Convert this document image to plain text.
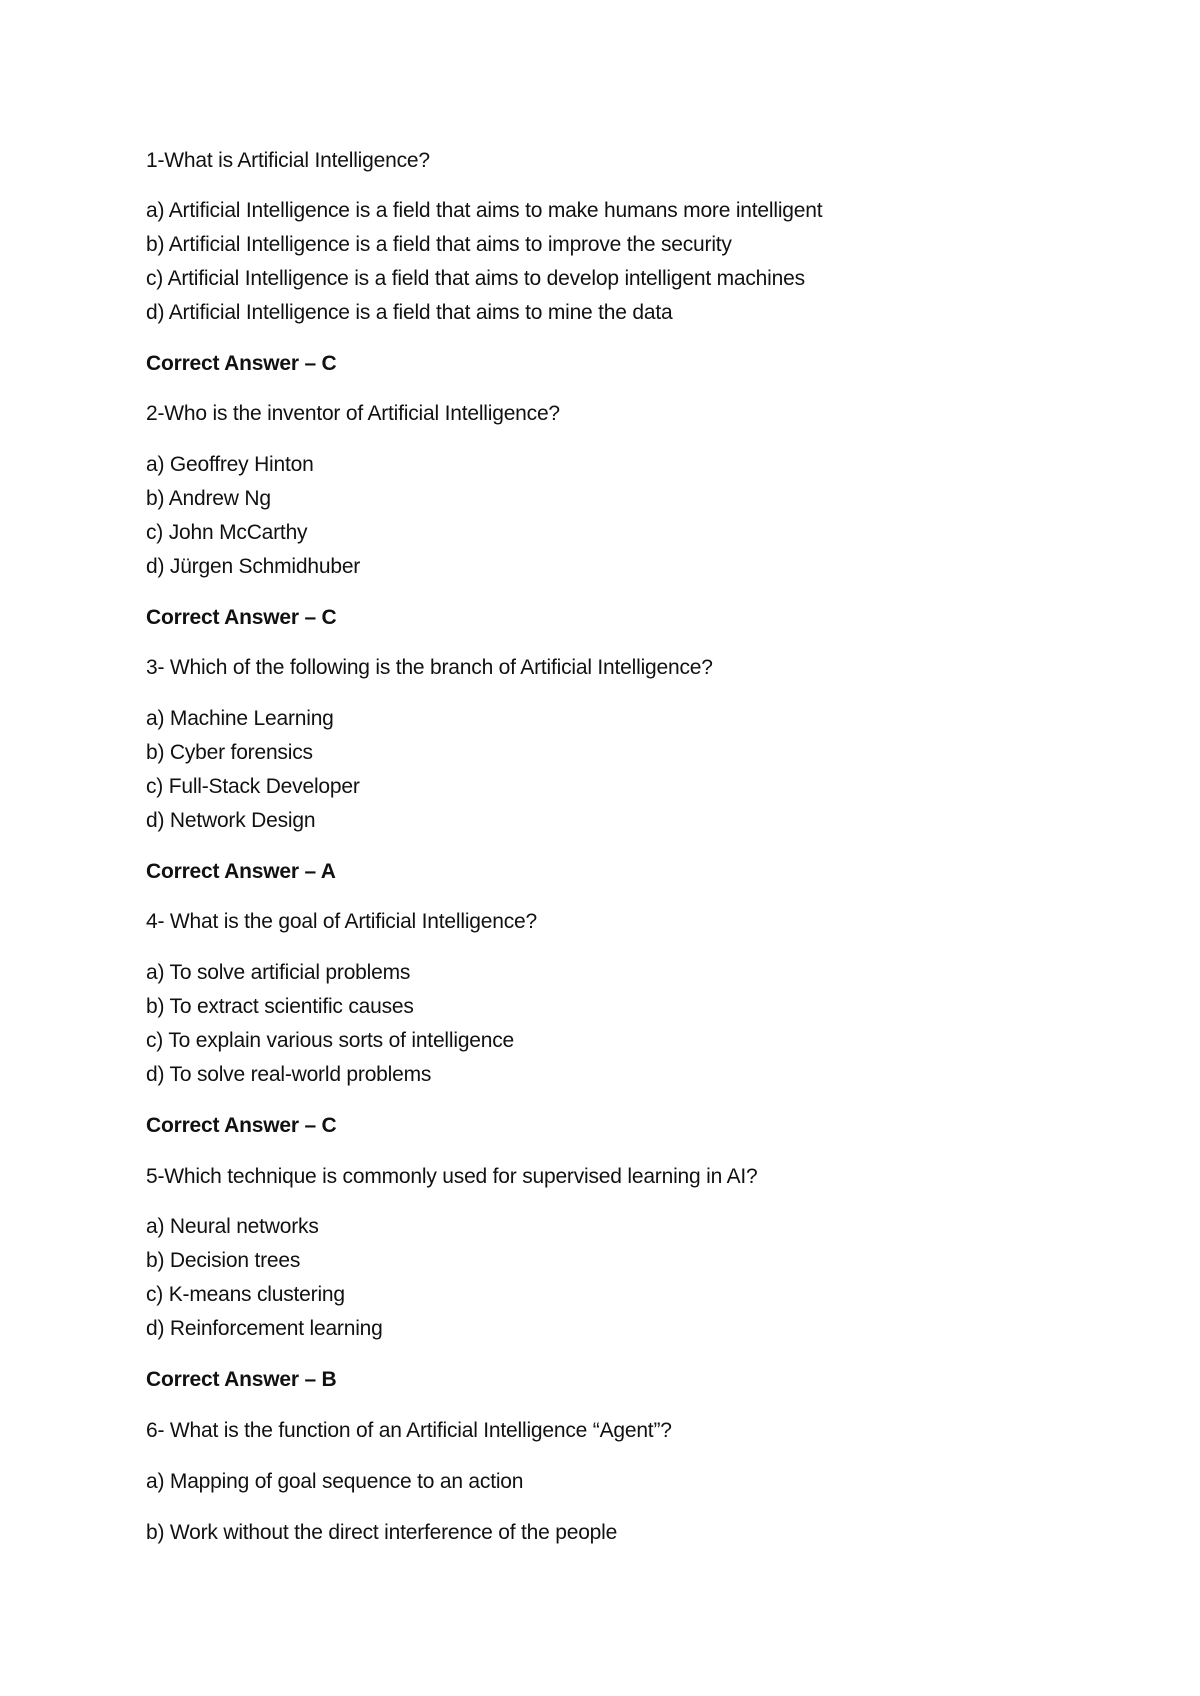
1-What is Artificial Intelligence?

a) Artificial Intelligence is a field that aims to make humans more intelligent

b) Artificial Intelligence is a field that aims to improve the security

c) Artificial Intelligence is a field that aims to develop intelligent machines

d) Artificial Intelligence is a field that aims to mine the data

Correct Answer – C

2-Who is the inventor of Artificial Intelligence?

a) Geoffrey Hinton

b) Andrew Ng

c) John McCarthy

d) Jürgen Schmidhuber

Correct Answer – C

3- Which of the following is the branch of Artificial Intelligence?

a) Machine Learning

b) Cyber forensics

c) Full-Stack Developer

d) Network Design

Correct Answer – A

4- What is the goal of Artificial Intelligence?

a) To solve artificial problems

b) To extract scientific causes

c) To explain various sorts of intelligence

d) To solve real-world problems

Correct Answer – C

5-Which technique is commonly used for supervised learning in AI?

a) Neural networks

b) Decision trees

c) K-means clustering

d) Reinforcement learning

Correct Answer – B

6- What is the function of an Artificial Intelligence “Agent”?

a) Mapping of goal sequence to an action

b) Work without the direct interference of the people
